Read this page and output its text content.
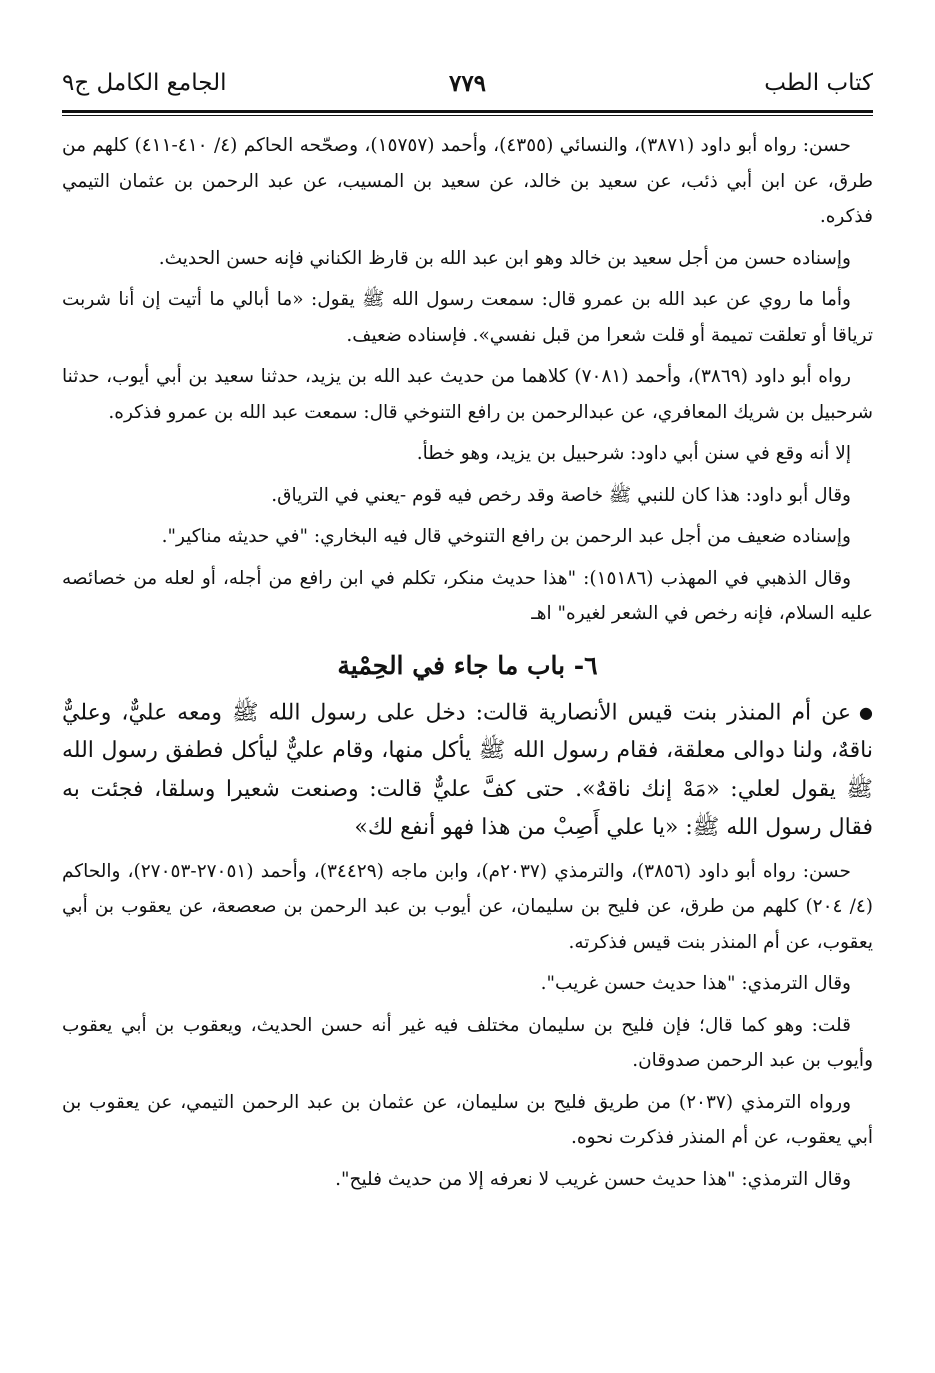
كتاب الطب
٧٧٩
الجامع الكامل ج٩

حسن: رواه أبو داود (٣٨٧١)، والنسائي (٤٣٥٥)، وأحمد (١٥٧٥٧)، وصحّحه الحاكم (٤/ ٤١٠-٤١١) كلهم من طرق، عن ابن أبي ذئب، عن سعيد بن خالد، عن سعيد بن المسيب، عن عبد الرحمن بن عثمان التيمي فذكره.

وإسناده حسن من أجل سعيد بن خالد وهو ابن عبد الله بن قارظ الكناني فإنه حسن الحديث.

وأما ما روي عن عبد الله بن عمرو قال: سمعت رسول الله ﷺ يقول: «ما أبالي ما أتيت إن أنا شربت ترياقا أو تعلقت تميمة أو قلت شعرا من قبل نفسي». فإسناده ضعيف.

رواه أبو داود (٣٨٦٩)، وأحمد (٧٠٨١) كلاهما من حديث عبد الله بن يزيد، حدثنا سعيد بن أبي أيوب، حدثنا شرحبيل بن شريك المعافري، عن عبدالرحمن بن رافع التنوخي قال: سمعت عبد الله بن عمرو فذكره.

إلا أنه وقع في سنن أبي داود: شرحبيل بن يزيد، وهو خطأ.

وقال أبو داود: هذا كان للنبي ﷺ خاصة وقد رخص فيه قوم -يعني في الترياق.

وإسناده ضعيف من أجل عبد الرحمن بن رافع التنوخي قال فيه البخاري: "في حديثه مناكير".

وقال الذهبي في المهذب (١٥١٨٦): "هذا حديث منكر، تكلم في ابن رافع من أجله، أو لعله من خصائصه عليه السلام، فإنه رخص في الشعر لغيره" اهـ

٦- باب ما جاء في الحِمْية

●عن أم المنذر بنت قيس الأنصارية قالت: دخل على رسول الله ﷺ ومعه عليٌّ، وعليٌّ ناقهٌ، ولنا دوالى معلقة، فقام رسول الله ﷺ يأكل منها، وقام عليٌّ ليأكل فطفق رسول الله ﷺ يقول لعلي: «مَهْ إنك ناقهٌ». حتى كفَّ عليٌّ قالت: وصنعت شعيرا وسلقا، فجئت به فقال رسول الله ﷺ: «يا علي أَصِبْ من هذا فهو أنفع لك»

حسن: رواه أبو داود (٣٨٥٦)، والترمذي (٢٠٣٧م)، وابن ماجه (٣٤٤٢٩)، وأحمد (٢٧٠٥١-٢٧٠٥٣)، والحاكم (٤/ ٢٠٤) كلهم من طرق، عن فليح بن سليمان، عن أيوب بن عبد الرحمن بن صعصعة، عن يعقوب بن أبي يعقوب، عن أم المنذر بنت قيس فذكرته.

وقال الترمذي: "هذا حديث حسن غريب".

قلت: وهو كما قال؛ فإن فليح بن سليمان مختلف فيه غير أنه حسن الحديث، ويعقوب بن أبي يعقوب وأيوب بن عبد الرحمن صدوقان.

ورواه الترمذي (٢٠٣٧) من طريق فليح بن سليمان، عن عثمان بن عبد الرحمن التيمي، عن يعقوب بن أبي يعقوب، عن أم المنذر فذكرت نحوه.

وقال الترمذي: "هذا حديث حسن غريب لا نعرفه إلا من حديث فليح".
